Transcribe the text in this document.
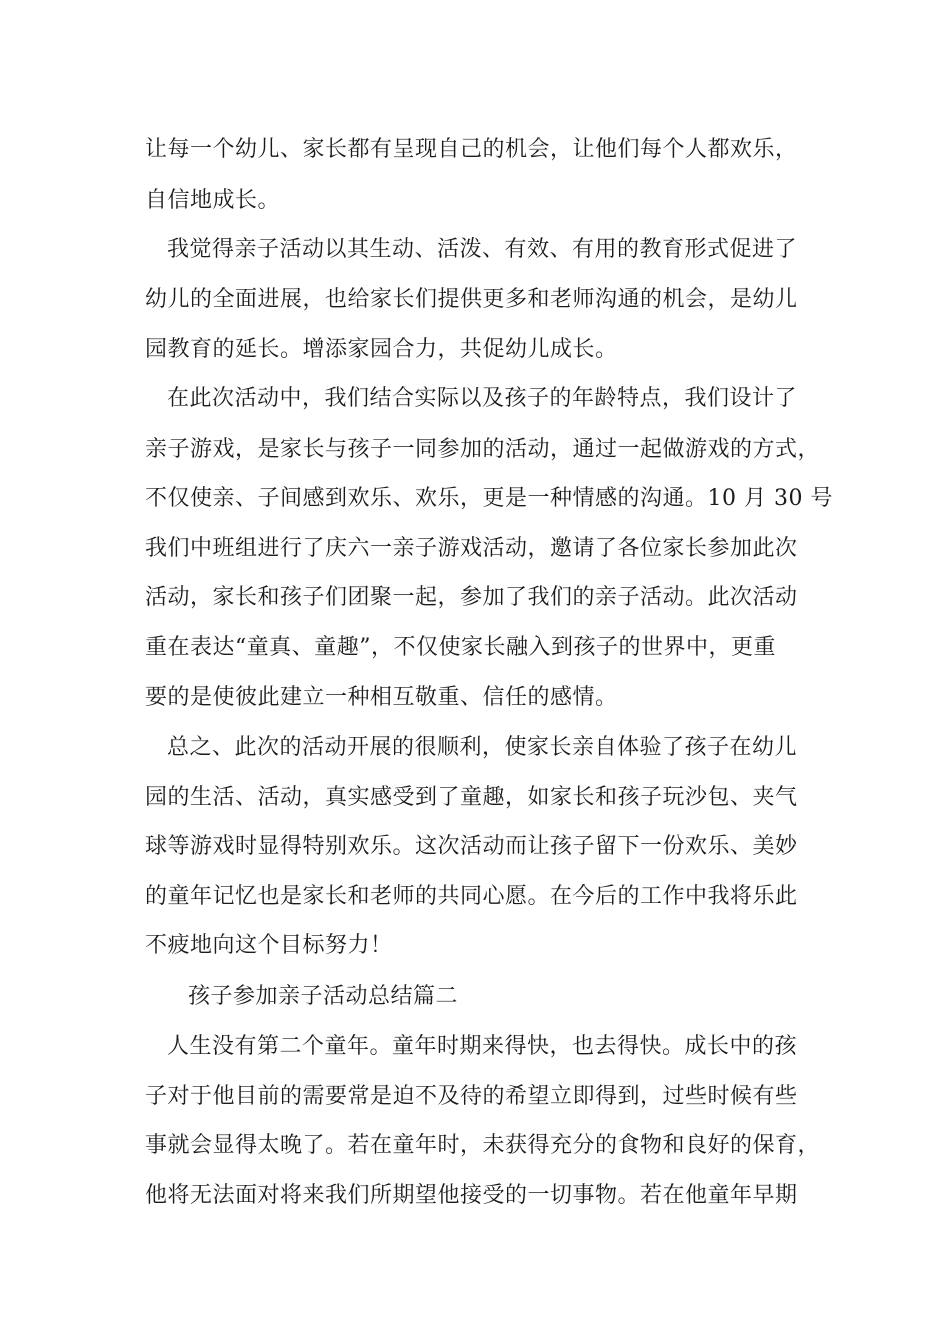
让每一个幼儿、家长都有呈现自己的机会，让他们每个人都欢乐，
自信地成长。
我觉得亲子活动以其生动、活泼、有效、有用的教育形式促进了
幼儿的全面进展，也给家长们提供更多和老师沟通的机会，是幼儿
园教育的延长。增添家园合力，共促幼儿成长。
在此次活动中，我们结合实际以及孩子的年龄特点，我们设计了
亲子游戏，是家长与孩子一同参加的活动，通过一起做游戏的方式，
不仅使亲、子间感到欢乐、欢乐，更是一种情感的沟通。10 月 30 号
我们中班组进行了庆六一亲子游戏活动，邀请了各位家长参加此次
活动，家长和孩子们团聚一起，参加了我们的亲子活动。此次活动
重在表达“童真、童趣”，不仅使家长融入到孩子的世界中，更重
要的是使彼此建立一种相互敬重、信任的感情。
总之、此次的活动开展的很顺利，使家长亲自体验了孩子在幼儿
园的生活、活动，真实感受到了童趣，如家长和孩子玩沙包、夹气
球等游戏时显得特别欢乐。这次活动而让孩子留下一份欢乐、美妙
的童年记忆也是家长和老师的共同心愿。在今后的工作中我将乐此
不疲地向这个目标努力！
孩子参加亲子活动总结篇二
人生没有第二个童年。童年时期来得快，也去得快。成长中的孩
子对于他目前的需要常是迫不及待的希望立即得到，过些时候有些
事就会显得太晚了。若在童年时，未获得充分的食物和良好的保育，
他将无法面对将来我们所期望他接受的一切事物。若在他童年早期
